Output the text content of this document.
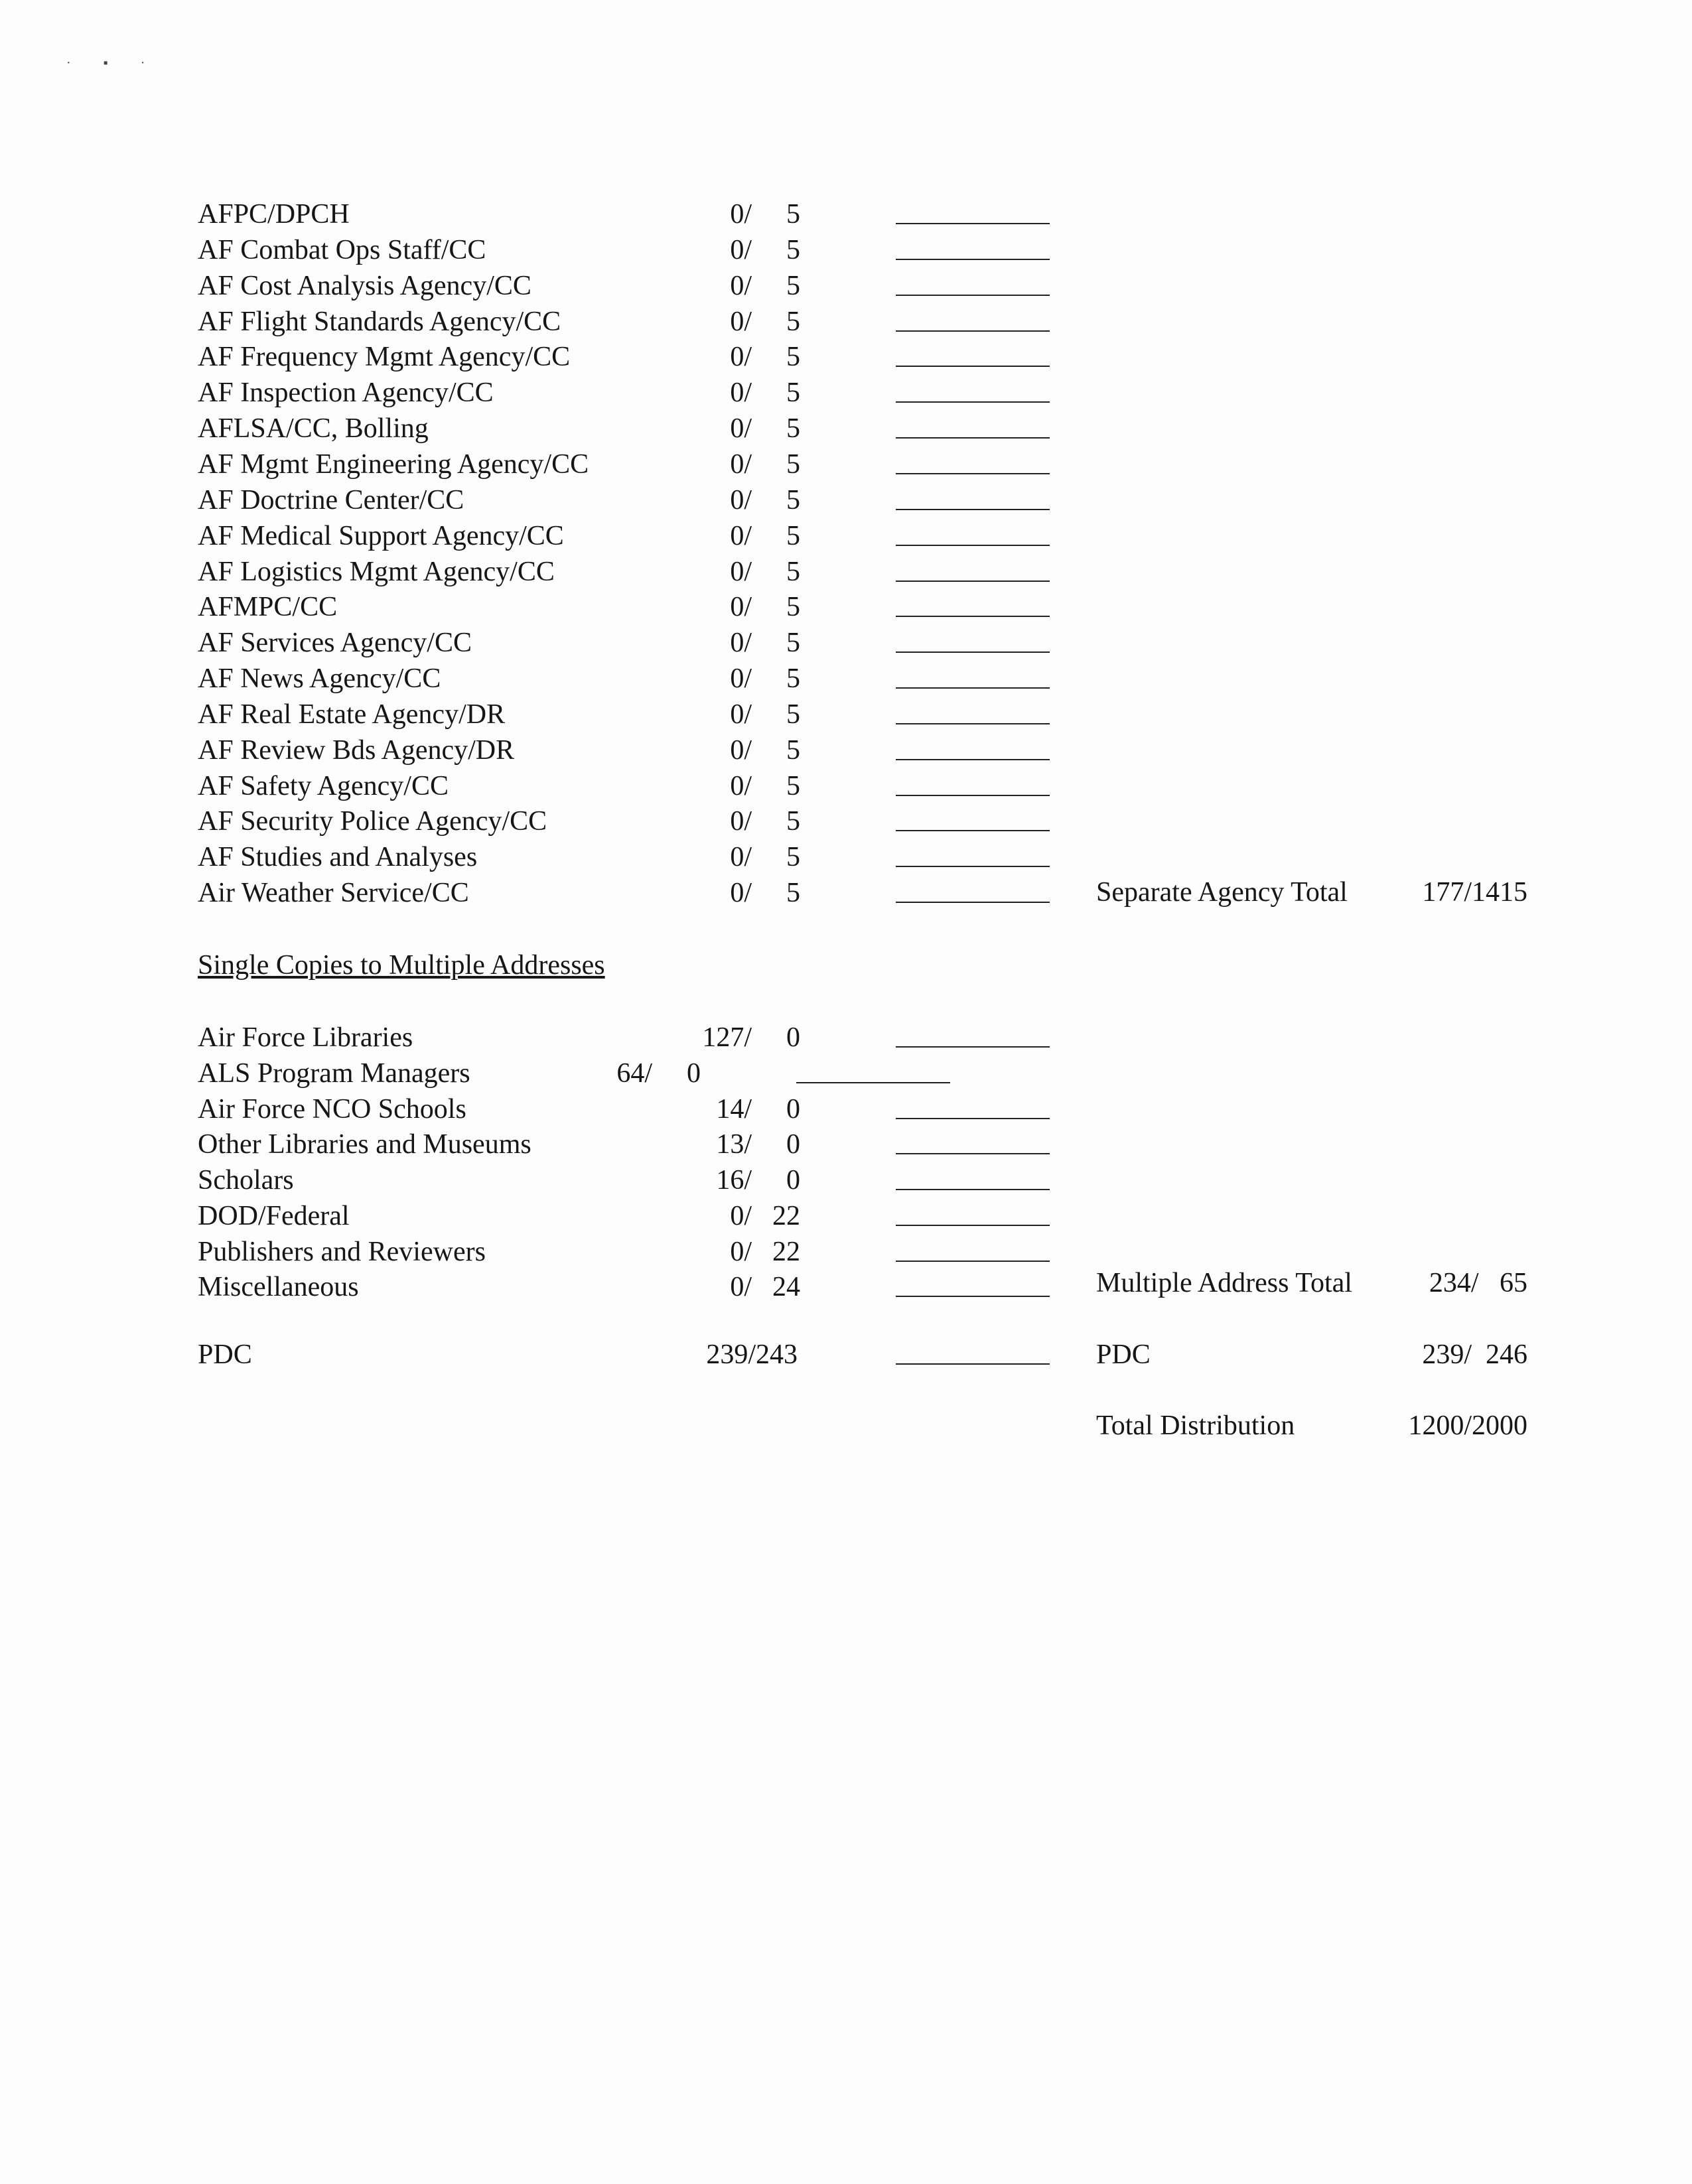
· ▪ ·
AFPC/DPCH	0/	5
AF Combat Ops Staff/CC	0/	5
AF Cost Analysis Agency/CC	0/	5
AF Flight Standards Agency/CC	0/	5
AF Frequency Mgmt Agency/CC	0/	5
AF Inspection Agency/CC	0/	5
AFLSA/CC, Bolling	0/	5
AF Mgmt Engineering Agency/CC	0/	5
AF Doctrine Center/CC	0/	5
AF Medical Support Agency/CC	0/	5
AF Logistics Mgmt Agency/CC	0/	5
AFMPC/CC	0/	5
AF Services Agency/CC	0/	5
AF News Agency/CC	0/	5
AF Real Estate Agency/DR	0/	5
AF Review Bds Agency/DR	0/	5
AF Safety Agency/CC	0/	5
AF Security Police Agency/CC	0/	5
AF Studies and Analyses	0/	5
Air Weather Service/CC	0/	5	Separate Agency Total	177/1415
Single Copies to Multiple Addresses
Air Force Libraries	127/	0
ALS Program Managers	64/	0
Air Force NCO Schools	14/	0
Other Libraries and Museums	13/	0
Scholars	16/	0
DOD/Federal	0/ 22
Publishers and Reviewers	0/ 22
Miscellaneous	0/ 24	Multiple Address Total	234/   65
PDC	239/243	PDC	239/  246
Total Distribution	1200/2000
